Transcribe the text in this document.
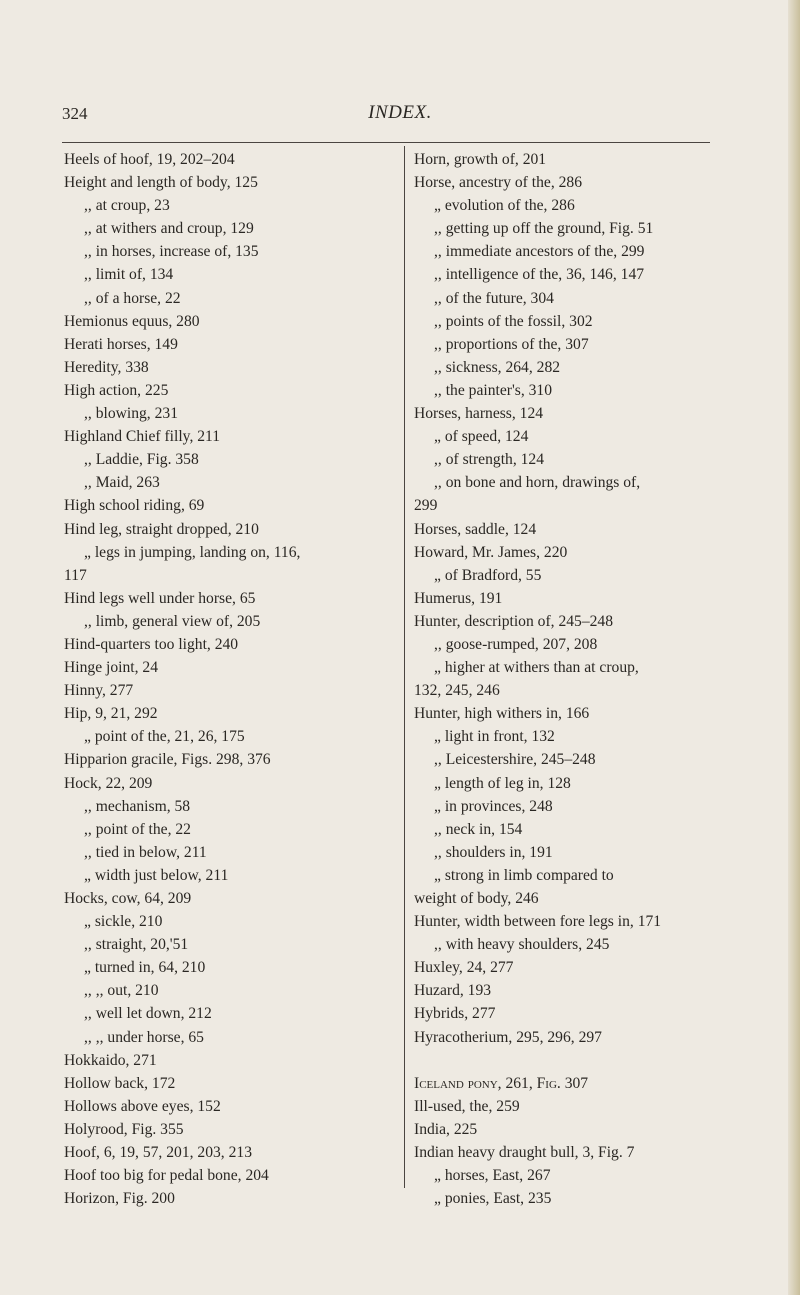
324	INDEX.
Heels of hoof, 19, 202–204
Height and length of body, 125
,, at croup, 23
,, at withers and croup, 129
,, in horses, increase of, 135
,, limit of, 134
,, of a horse, 22
Hemionus equus, 280
Herati horses, 149
Heredity, 338
High action, 225
,, blowing, 231
Highland Chief filly, 211
,, Laddie, Fig. 358
,, Maid, 263
High school riding, 69
Hind leg, straight dropped, 210
„ legs in jumping, landing on, 116,
117
Hind legs well under horse, 65
,, limb, general view of, 205
Hind-quarters too light, 240
Hinge joint, 24
Hinny, 277
Hip, 9, 21, 292
„ point of the, 21, 26, 175
Hipparion gracile, Figs. 298, 376
Hock, 22, 209
,, mechanism, 58
,, point of the, 22
,, tied in below, 211
„ width just below, 211
Hocks, cow, 64, 209
„ sickle, 210
,, straight, 20,'51
„ turned in, 64, 210
,, ,, out, 210
,, well let down, 212
,, ,, under horse, 65
Hokkaido, 271
Hollow back, 172
Hollows above eyes, 152
Holyrood, Fig. 355
Hoof, 6, 19, 57, 201, 203, 213
Hoof too big for pedal bone, 204
Horizon, Fig. 200
Horn, growth of, 201
Horse, ancestry of the, 286
„ evolution of the, 286
,, getting up off the ground, Fig. 51
,, immediate ancestors of the, 299
,, intelligence of the, 36, 146, 147
,, of the future, 304
,, points of the fossil, 302
,, proportions of the, 307
,, sickness, 264, 282
,, the painter's, 310
Horses, harness, 124
„ of speed, 124
,, of strength, 124
,, on bone and horn, drawings of,
299
Horses, saddle, 124
Howard, Mr. James, 220
„ of Bradford, 55
Humerus, 191
Hunter, description of, 245–248
,, goose-rumped, 207, 208
„ higher at withers than at croup,
132, 245, 246
Hunter, high withers in, 166
„ light in front, 132
,, Leicestershire, 245–248
„ length of leg in, 128
„ in provinces, 248
,, neck in, 154
,, shoulders in, 191
„ strong in limb compared to
weight of body, 246
Hunter, width between fore legs in, 171
,, with heavy shoulders, 245
Huxley, 24, 277
Huzard, 193
Hybrids, 277
Hyracotherium, 295, 296, 297
Iceland pony, 261, Fig. 307
Ill-used, the, 259
India, 225
Indian heavy draught bull, 3, Fig. 7
„ horses, East, 267
„ ponies, East, 235
